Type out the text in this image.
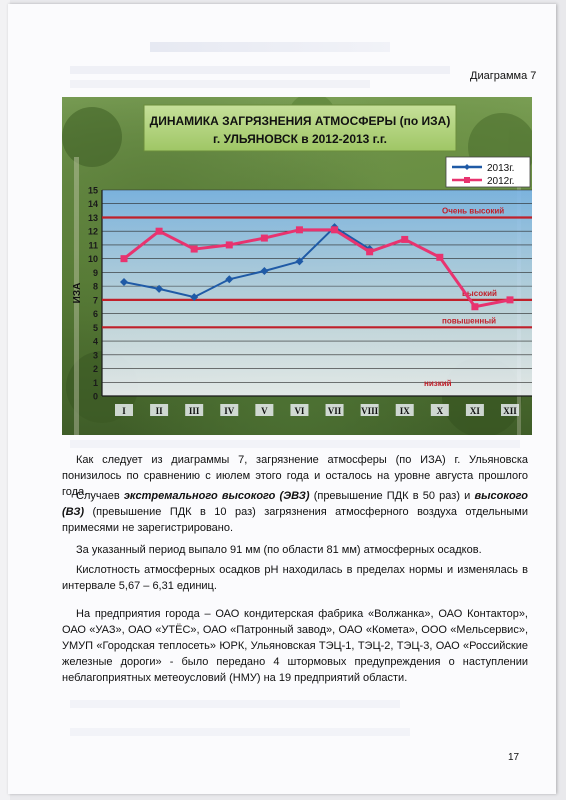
Диаграмма 7
ДИНАМИКА ЗАГРЯЗНЕНИЯ АТМОСФЕРЫ (по ИЗА)
г. УЛЬЯНОВСК в 2012-2013 г.г.
2013г.
2012г.
0
1
2
3
4
5
6
7
8
9
10
11
12
13
14
15
ИЗА
Очень высокий
высокий
повышенный
низкий
I	II	III	IV	V	VI	VII VIII IX	X	XI	XII

Как следует из диаграммы 7, загрязнение атмосферы (по ИЗА) г. Ульяновска понизилось по сравнению с июлем этого года и осталось на уровне августа прошлого года.

Случаев экстремального высокого (ЭВЗ) (превышение ПДК в 50 раз) и высокого (ВЗ) (превышение ПДК в 10 раз) загрязнения атмосферного воздуха отдельными примесями не зарегистрировано.

За указанный период выпало 91 мм (по области 81 мм) атмосферных осадков.

Кислотность атмосферных осадков рН находилась в пределах нормы и изменялась в интервале 5,67 – 6,31 единиц.

На предприятия города – ОАО кондитерская фабрика «Волжанка», ОАО Контактор», ОАО «УАЗ», ОАО «УТЁС», ОАО «Патронный завод», ОАО «Комета», ООО «Мельсервис», УМУП «Городская теплосеть» ЮРК, Ульяновская ТЭЦ-1, ТЭЦ-2, ТЭЦ-3, ОАО «Российские железные дороги» - было передано 4 штормовых предупреждения о наступлении неблагоприятных метеоусловий (НМУ) на 19 предприятий области.

17
